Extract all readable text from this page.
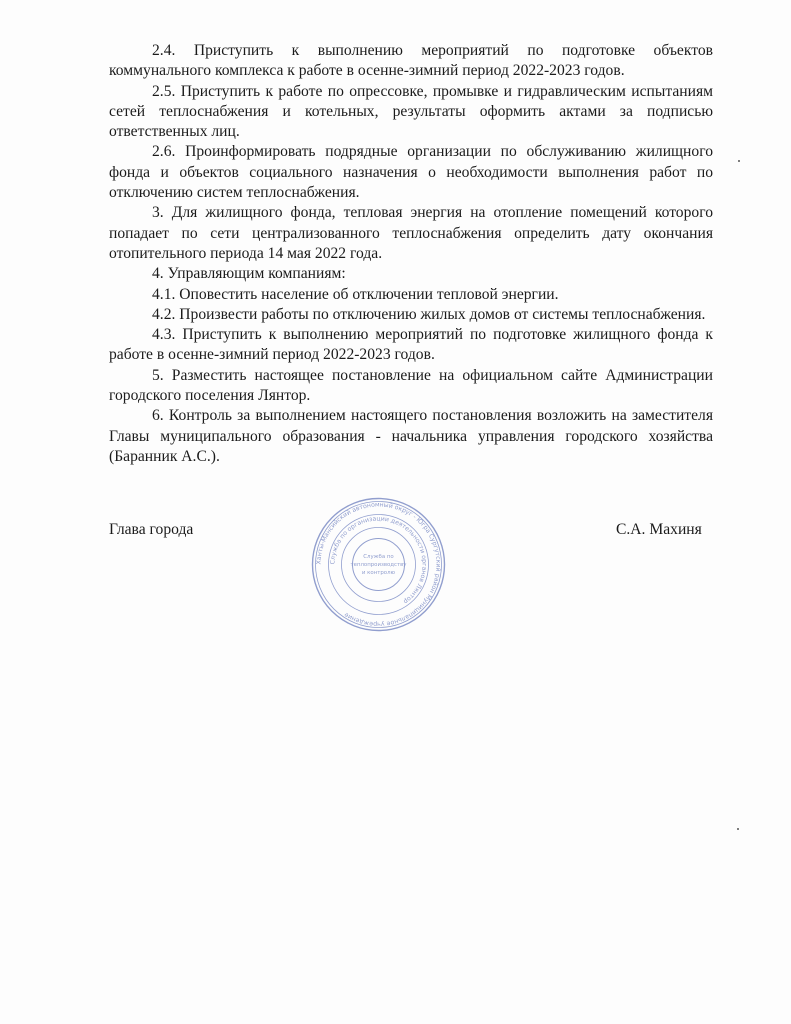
2.4. Приступить к выполнению мероприятий по подготовке объектов коммунального комплекса к работе в осенне-зимний период 2022-2023 годов.

2.5. Приступить к работе по опрессовке, промывке и гидравлическим испытаниям сетей теплоснабжения и котельных, результаты оформить актами за подписью ответственных лиц.

2.6. Проинформировать подрядные организации по обслуживанию жилищного фонда и объектов социального назначения о необходимости выполнения работ по отключению систем теплоснабжения.

3. Для жилищного фонда, тепловая энергия на отопление помещений которого попадает по сети централизованного теплоснабжения определить дату окончания отопительного периода 14 мая 2022 года.

4. Управляющим компаниям:

4.1. Оповестить население об отключении тепловой энергии.

4.2. Произвести работы по отключению жилых домов от системы теплоснабжения.

4.3. Приступить к выполнению мероприятий по подготовке жилищного фонда к работе в осенне-зимний период 2022-2023 годов.

5. Разместить настоящее постановление на официальном сайте Администрации городского поселения Лянтор.

6. Контроль за выполнением настоящего постановления возложить на заместителя Главы муниципального образования - начальника управления городского хозяйства (Баранник А.С.).

Глава города	С.А. Махиня
Ханты-Мансийский автономный округ - Югра Сургутский район Муниципальное учреждение
Служба по организации деятельности органов Лянтор
Служба по
теплопроизводству
и контролю
